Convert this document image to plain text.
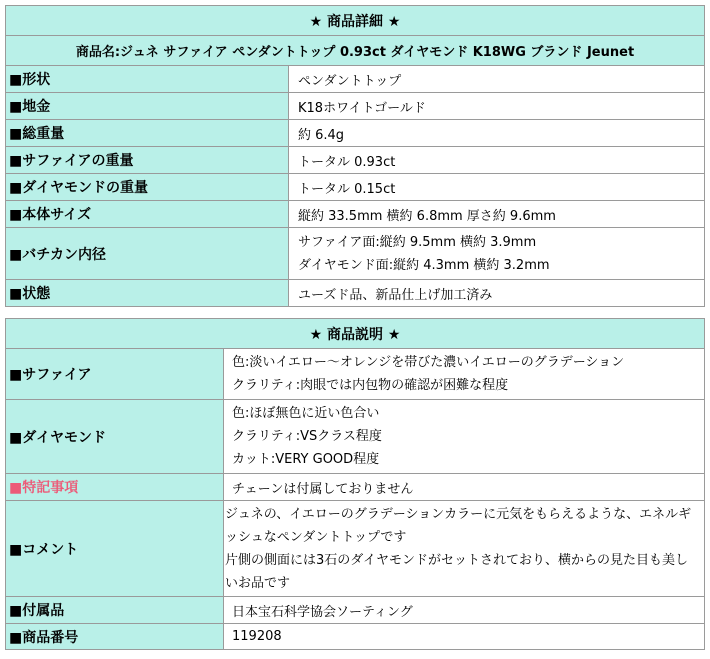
★ 商品詳細 ★	
商品名:ジュネ サファイア ペンダントトップ 0.93ct ダイヤモンド K18WG ブランド Jeunet	
■形状	ペンダントトップ
■地金	K18ホワイトゴールド
■総重量	約 6.4g
■サファイアの重量	トータル 0.93ct
■ダイヤモンドの重量	トータル 0.15ct
■本体サイズ	縦約 33.5mm 横約 6.8mm 厚さ約 9.6mm
■バチカン内径	サファイア面:縦約 9.5mm 横約 3.9mm
ダイヤモンド面:縦約 4.3mm 横約 3.2mm

■状態	ユーズド品、新品仕上げ加工済み
★ 商品説明 ★	
■サファイア	色:淡いイエロー〜オレンジを帯びた濃いイエローのグラデーション
クラリティ:肉眼では内包物の確認が困難な程度

■ダイヤモンド	色:ほぼ無色に近い色合い
クラリティ:VSクラス程度
カット:VERY GOOD程度

■特記事項	チェーンは付属しておりません
■コメント	ジュネの、イエローのグラデーションカラーに元気をもらえるような、エネルギッシュなペンダントトップです
片側の側面には3石のダイヤモンドがセットされており、横からの見た目も美しいお品です

■付属品	日本宝石科学協会ソーティング
■商品番号	119208
